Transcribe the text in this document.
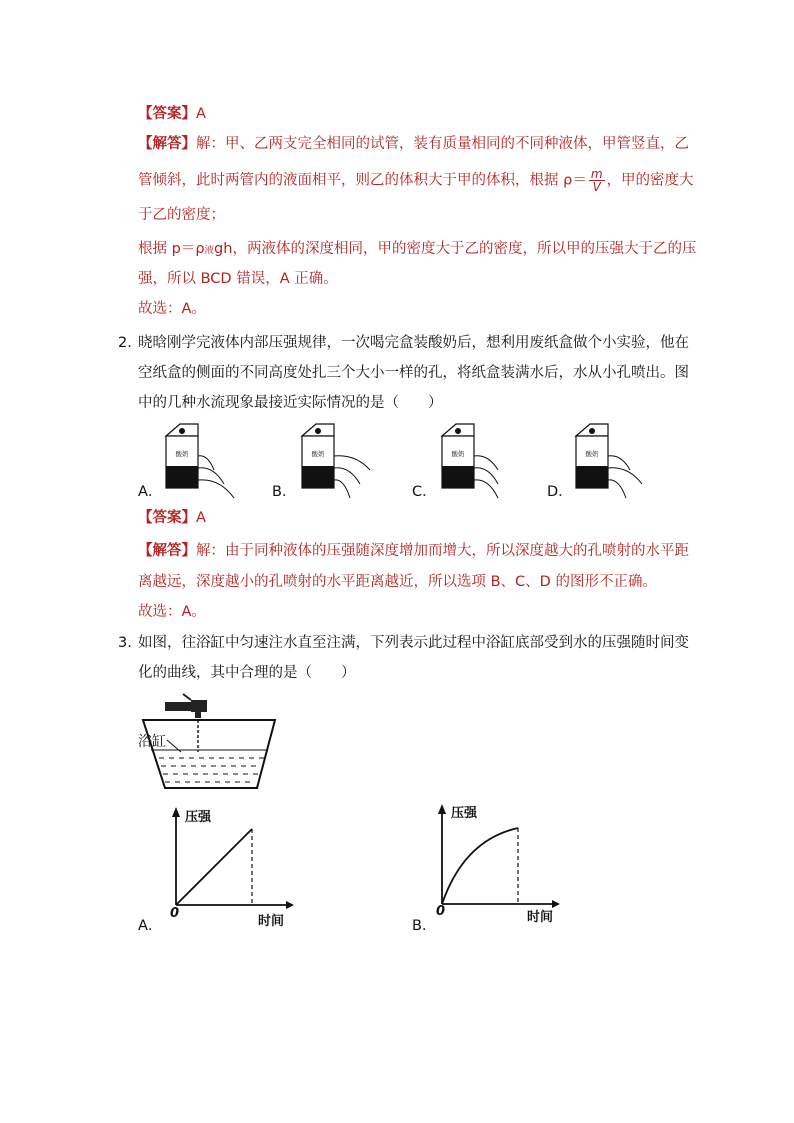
【答案】A
【解答】解：甲、乙两支完全相同的试管，装有质量相同的不同种液体，甲管竖直，乙
管倾斜，此时两管内的液面相平，则乙的体积大于甲的体积，根据 $\rho= \frac{m}{V}$ ，甲的密度大
于乙的密度；
根据 p＝ρ液gh，两液体的深度相同，甲的密度大于乙的密度，所以甲的压强大于乙的压
强，所以 BCD 错误，A 正确。
故选：A。
2. 晓晗刚学完液体内部压强规律，一次喝完盒装酸奶后，想利用废纸盒做个小实验，他在
空纸盒的侧面的不同高度处扎三个大小一样的孔，将纸盒装满水后，水从小孔喷出。图
中的几种水流现象最接近实际情况的是（　　）
酸奶	酸奶	酸奶	酸奶
A．	B．	C．	D．
【答案】A
【解答】解：由于同种液体的压强随深度增加而增大，所以深度越大的孔喷射的水平距
离越远，深度越小的孔喷射的水平距离越近，所以选项 B、C、D 的图形不正确。
故选：A。
3. 如图，往浴缸中匀速注水直至注满，下列表示此过程中浴缸底部受到水的压强随时间变
化的曲线，其中合理的是（　　）
浴缸
压强
0
时间
A．
压强
0	时间
B．
